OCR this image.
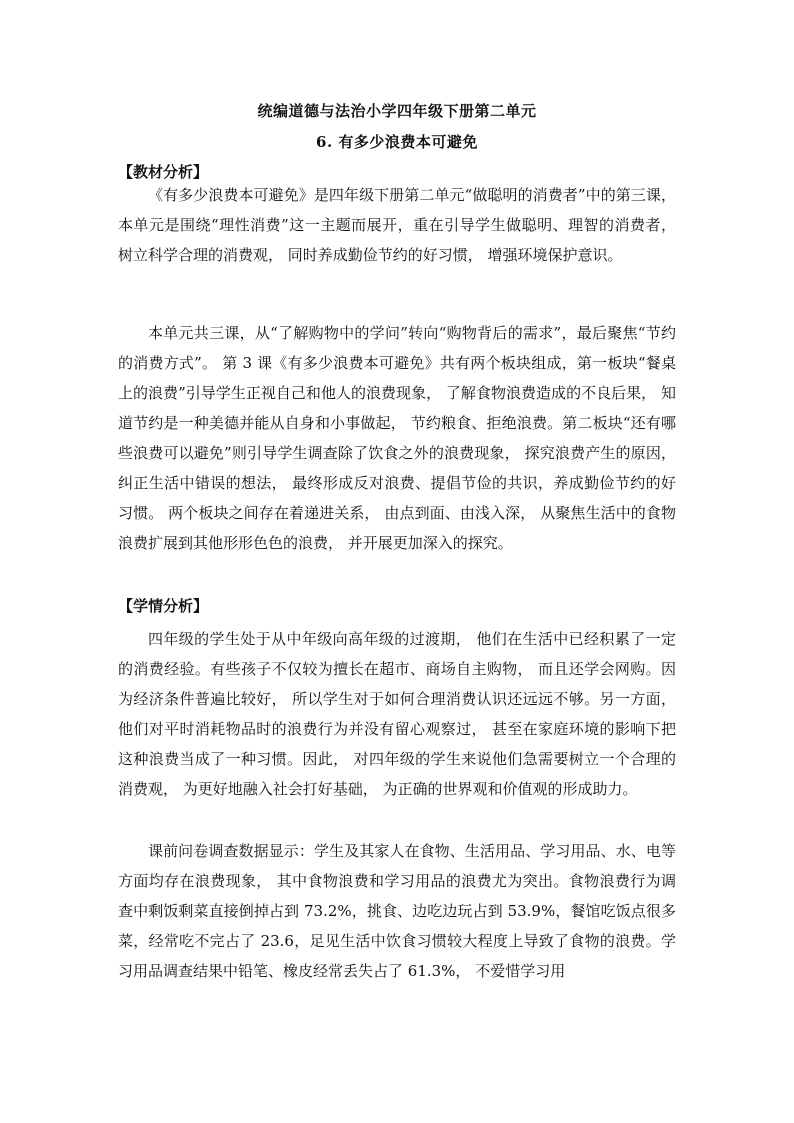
统编道德与法治小学四年级下册第二单元
6. 有多少浪费本可避免
【教材分析】

《有多少浪费本可避免》是四年级下册第二单元“做聪明的消费者”中的第三课， 本单元是围绕“理性消费”这一主题而展开，重在引导学生做聪明、理智的消费者， 树立科学合理的消费观， 同时养成勤俭节约的好习惯， 增强环境保护意识。

本单元共三课，从“了解购物中的学问”转向“购物背后的需求”，最后聚焦“节约的消费方式”。 第 3 课《有多少浪费本可避免》共有两个板块组成，第一板块“餐桌上的浪费”引导学生正视自己和他人的浪费现象， 了解食物浪费造成的不良后果， 知道节约是一种美德并能从自身和小事做起， 节约粮食、拒绝浪费。第二板块“还有哪些浪费可以避免”则引导学生调查除了饮食之外的浪费现象， 探究浪费产生的原因， 纠正生活中错误的想法， 最终形成反对浪费、提倡节俭的共识，养成勤俭节约的好习惯。 两个板块之间存在着递进关系， 由点到面、由浅入深， 从聚焦生活中的食物浪费扩展到其他形形色色的浪费， 并开展更加深入的探究。

【学情分析】

四年级的学生处于从中年级向高年级的过渡期， 他们在生活中已经积累了一定的消费经验。有些孩子不仅较为擅长在超市、商场自主购物， 而且还学会网购。因为经济条件普遍比较好， 所以学生对于如何合理消费认识还远远不够。另一方面， 他们对平时消耗物品时的浪费行为并没有留心观察过， 甚至在家庭环境的影响下把这种浪费当成了一种习惯。因此， 对四年级的学生来说他们急需要树立一个合理的消费观， 为更好地融入社会打好基础， 为正确的世界观和价值观的形成助力。

课前问卷调查数据显示：学生及其家人在食物、生活用品、学习用品、水、电等方面均存在浪费现象， 其中食物浪费和学习用品的浪费尤为突出。食物浪费行为调查中剩饭剩菜直接倒掉占到 73.2%，挑食、边吃边玩占到 53.9%，餐馆吃饭点很多菜，经常吃不完占了 23.6，足见生活中饮食习惯较大程度上导致了食物的浪费。学习用品调查结果中铅笔、橡皮经常丢失占了 61.3%， 不爱惜学习用
